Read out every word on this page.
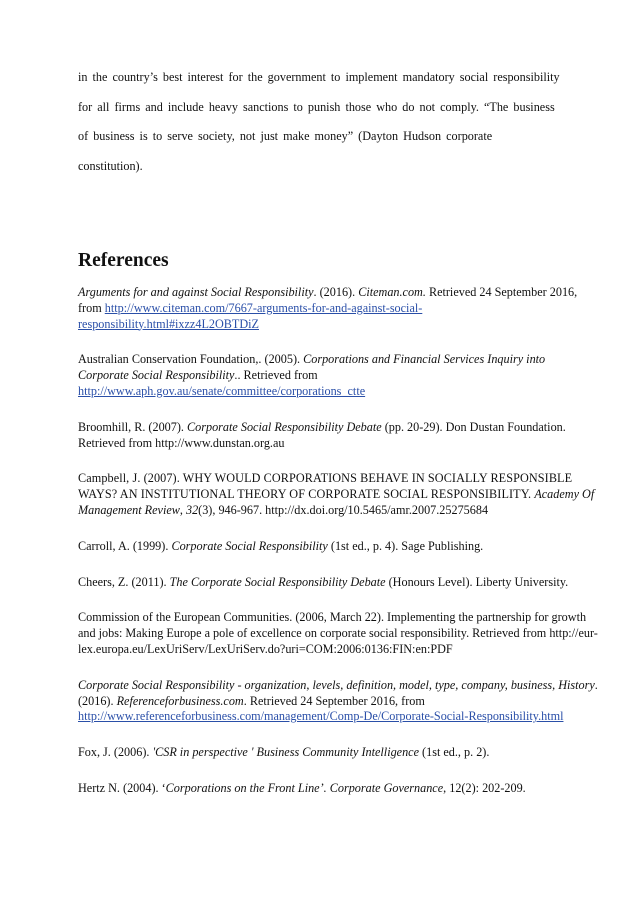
in the country’s best interest for the government to implement mandatory social responsibility
for all firms and include heavy sanctions to punish those who do not comply. “The business
of business is to serve society, not just make money” (Dayton Hudson corporate
constitution).
References

Arguments for and against Social Responsibility. (2016). Citeman.com. Retrieved 24 September 2016, from http://www.citeman.com/7667-arguments-for-and-against-social-responsibility.html#ixzz4L2OBTDiZ

Australian Conservation Foundation,. (2005). Corporations and Financial Services Inquiry into Corporate Social Responsibility.. Retrieved from http://www.aph.gov.au/senate/committee/corporations_ctte

Broomhill, R. (2007). Corporate Social Responsibility Debate (pp. 20-29). Don Dustan Foundation. Retrieved from http://www.dunstan.org.au

Campbell, J. (2007). WHY WOULD CORPORATIONS BEHAVE IN SOCIALLY RESPONSIBLE WAYS? AN INSTITUTIONAL THEORY OF CORPORATE SOCIAL RESPONSIBILITY. Academy Of Management Review, 32(3), 946-967. http://dx.doi.org/10.5465/amr.2007.25275684

Carroll, A. (1999). Corporate Social Responsibility (1st ed., p. 4). Sage Publishing.

Cheers, Z. (2011). The Corporate Social Responsibility Debate (Honours Level). Liberty University.

Commission of the European Communities. (2006, March 22). Implementing the partnership for growth and jobs: Making Europe a pole of excellence on corporate social responsibility. Retrieved from http://eur-lex.europa.eu/LexUriServ/LexUriServ.do?uri=COM:2006:0136:FIN:en:PDF

Corporate Social Responsibility - organization, levels, definition, model, type, company, business, History. (2016). Referenceforbusiness.com. Retrieved 24 September 2016, from http://www.referenceforbusiness.com/management/Comp-De/Corporate-Social-Responsibility.html

Fox, J. (2006). 'CSR in perspective ' Business Community Intelligence (1st ed., p. 2).

Hertz N. (2004). ‘Corporations on the Front Line’. Corporate Governance, 12(2): 202-209.
